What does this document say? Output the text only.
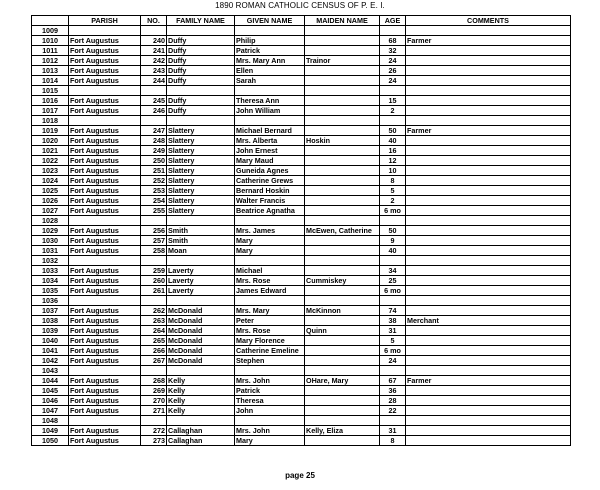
1890 ROMAN CATHOLIC CENSUS OF P. E. I.
	PARISH	NO.	FAMILY NAME	GIVEN NAME	MAIDEN NAME	AGE	COMMENTS
1009							
1010	Fort Augustus	240	Duffy	Philip		68	Farmer
1011	Fort Augustus	241	Duffy	Patrick		32	
1012	Fort Augustus	242	Duffy	Mrs. Mary Ann	Trainor	24	
1013	Fort Augustus	243	Duffy	Ellen		26	
1014	Fort Augustus	244	Duffy	Sarah		24	
1015							
1016	Fort Augustus	245	Duffy	Theresa Ann		15	
1017	Fort Augustus	246	Duffy	John William		2	
1018							
1019	Fort Augustus	247	Slattery	Michael Bernard		50	Farmer
1020	Fort Augustus	248	Slattery	Mrs. Alberta	Hoskin	40	
1021	Fort Augustus	249	Slattery	John Ernest		16	
1022	Fort Augustus	250	Slattery	Mary Maud		12	
1023	Fort Augustus	251	Slattery	Guneida Agnes		10	
1024	Fort Augustus	252	Slattery	Catherine Grews		8	
1025	Fort Augustus	253	Slattery	Bernard Hoskin		5	
1026	Fort Augustus	254	Slattery	Walter Francis		2	
1027	Fort Augustus	255	Slattery	Beatrice Agnatha		6 mo	
1028							
1029	Fort Augustus	256	Smith	Mrs. James	McEwen, Catherine	50	
1030	Fort Augustus	257	Smith	Mary		9	
1031	Fort Augustus	258	Moan	Mary		40	
1032							
1033	Fort Augustus	259	Laverty	Michael		34	
1034	Fort Augustus	260	Laverty	Mrs. Rose	Cummiskey	25	
1035	Fort Augustus	261	Laverty	James Edward		6 mo	
1036							
1037	Fort Augustus	262	McDonald	Mrs. Mary	McKinnon	74	
1038	Fort Augustus	263	McDonald	Peter		38	Merchant
1039	Fort Augustus	264	McDonald	Mrs. Rose	Quinn	31	
1040	Fort Augustus	265	McDonald	Mary Florence		5	
1041	Fort Augustus	266	McDonald	Catherine Emeline		6 mo	
1042	Fort Augustus	267	McDonald	Stephen		24	
1043							
1044	Fort Augustus	268	Kelly	Mrs. John	OHare, Mary	67	Farmer
1045	Fort Augustus	269	Kelly	Patrick		36	
1046	Fort Augustus	270	Kelly	Theresa		28	
1047	Fort Augustus	271	Kelly	John		22	
1048							
1049	Fort Augustus	272	Callaghan	Mrs. John	Kelly, Eliza	31	
1050	Fort Augustus	273	Callaghan	Mary		8	
page 25
